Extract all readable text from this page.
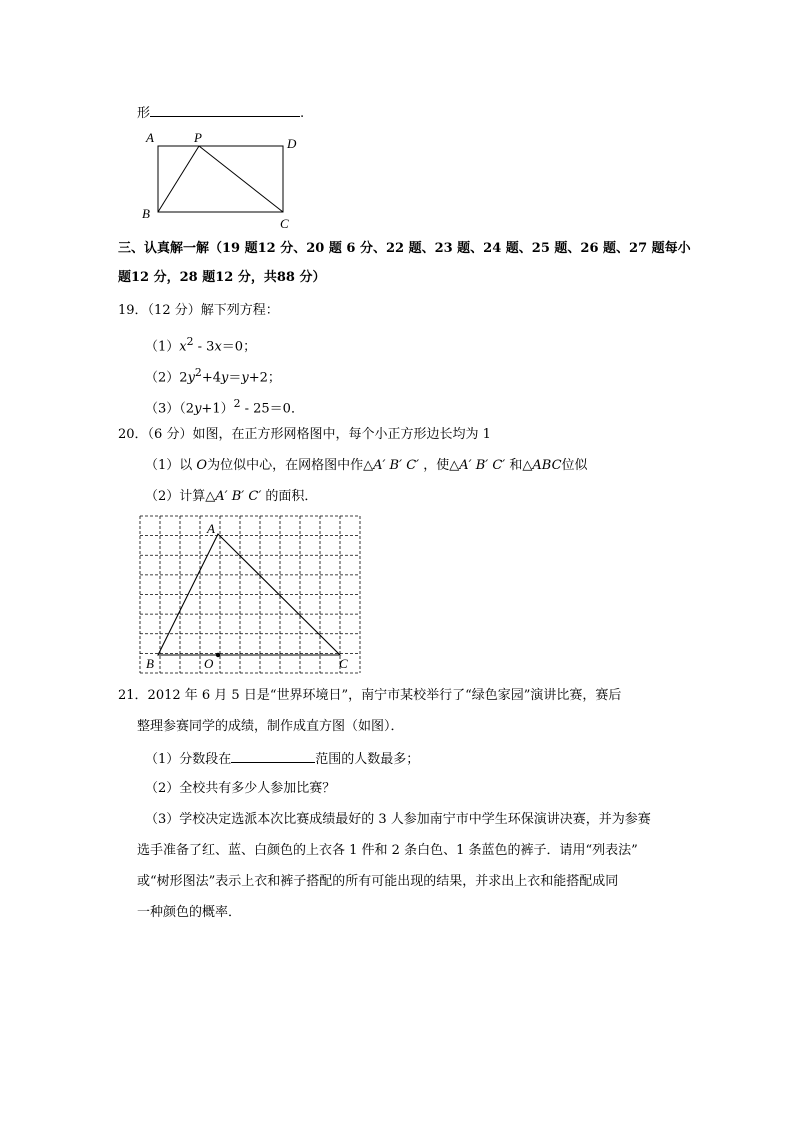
形	.
A	P	D
B
C
三、认真解一解（19 题12 分、20 题 6 分、22 题、23 题、24 题、25 题、26 题、27 题每小
题12 分，28 题12 分，共88 分）
19．（12 分）解下列方程：
$(1)x^2$ ‑ 3x＝0；
$(2)2y^2+4y=y+2$；
$(3)(2y+1)^2$ ‑ 25＝0．
20．（6 分）如图，在正方形网格图中，每个小正方形边长均为 1
（1）以 O为位似中心，在网格图中作△A′ B′ C′ ，使△A′ B′ C′ 和△ABC位似
（2）计算△A′ B′ C′ 的面积．
A
B	O	C
21．2012 年 6 月 5 日是“世界环境日”，南宁市某校举行了“绿色家园”演讲比赛，赛后
整理参赛同学的成绩，制作成直方图（如图）．
（1）分数段在	范围的人数最多；
（2）全校共有多少人参加比赛？
（3）学校决定选派本次比赛成绩最好的 3 人参加南宁市中学生环保演讲决赛，并为参赛
选手准备了红、蓝、白颜色的上衣各 1 件和 2 条白色、1 条蓝色的裤子．请用“列表法”
或“树形图法”表示上衣和裤子搭配的所有可能出现的结果，并求出上衣和能搭配成同
一种颜色的概率．
